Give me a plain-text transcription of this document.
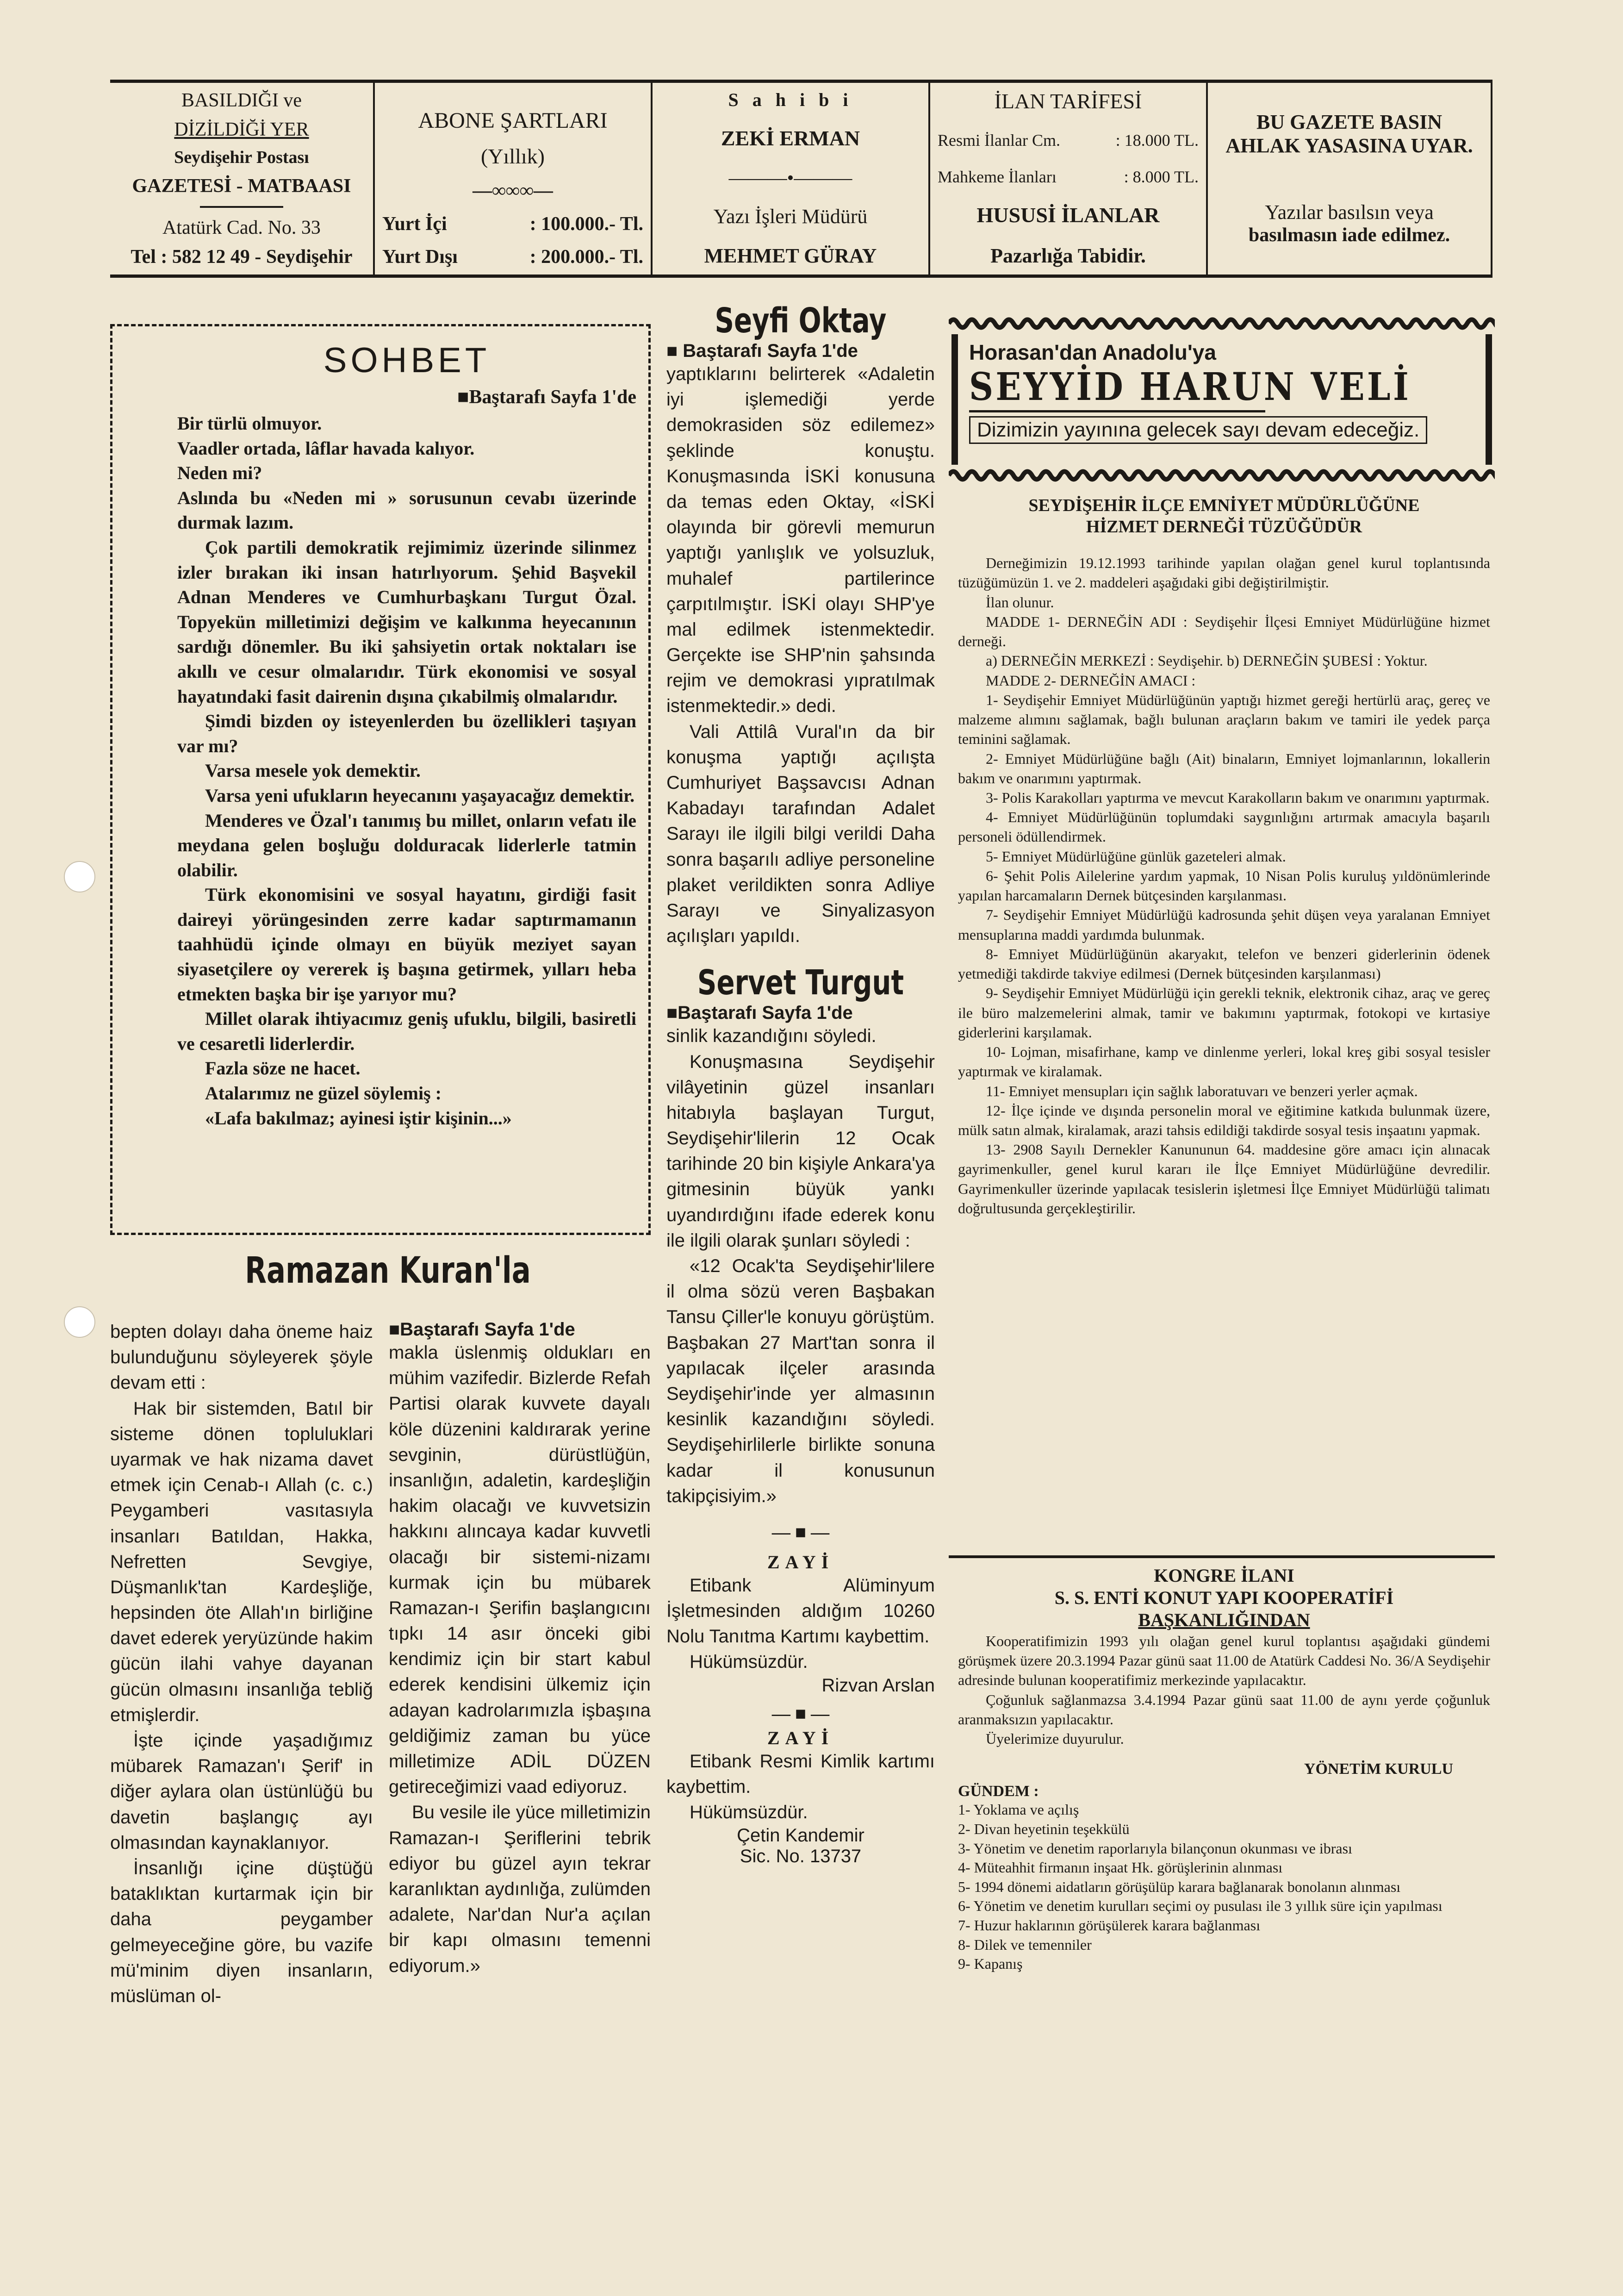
BASILDIĞI ve
DİZİLDİĞİ YER
Seydişehir Postası
GAZETESİ - MATBAASI
Atatürk Cad. No. 33
Tel : 582 12 49 - Seydişehir
ABONE ŞARTLARI
(Yıllık)
—∞∞∞—
Yurt İçi	: 100.000.- Tl.
Yurt Dışı	: 200.000.- Tl.
S a h i b i
ZEKİ ERMAN
———•———
Yazı İşleri Müdürü
MEHMET GÜRAY
İLAN TARİFESİ
Resmi İlanlar Cm.	: 18.000 TL.
Mahkeme İlanları	: 8.000 TL.
HUSUSİ İLANLAR
Pazarlığa Tabidir.
BU GAZETE BASIN
AHLAK YASASINA UYAR.
Yazılar basılsın veya
basılmasın iade edilmez.
SOHBET
■Baştarafı Sayfa 1'de

Bir türlü olmuyor.

Vaadler ortada, lâflar havada kalıyor.

Neden mi?

Aslında bu «Neden mi » sorusunun cevabı üzerinde durmak lazım.

Çok partili demokratik rejimimiz üzerinde silinmez izler bırakan iki insan hatırlıyorum. Şehid Başvekil Adnan Menderes ve Cumhurbaşkanı Turgut Özal. Topyekün milletimizi değişim ve kalkınma heyecanının sardığı dönemler. Bu iki şahsiyetin ortak noktaları ise akıllı ve cesur olmalarıdır. Türk ekonomisi ve sosyal hayatındaki fasit dairenin dışına çıkabilmiş olmalarıdır.

Şimdi bizden oy isteyenlerden bu özellikleri taşıyan var mı?

Varsa mesele yok demektir.

Varsa yeni ufukların heyecanını yaşayacağız demektir.

Menderes ve Özal'ı tanımış bu millet, onların vefatı ile meydana gelen boşluğu dolduracak liderlerle tatmin olabilir.

Türk ekonomisini ve sosyal hayatını, girdiği fasit daireyi yörüngesinden zerre kadar saptırmamanın taahhüdü içinde olmayı en büyük meziyet sayan siyasetçilere oy vererek iş başına getirmek, yılları heba etmekten başka bir işe yarıyor mu?

Millet olarak ihtiyacımız geniş ufuklu, bilgili, basiretli ve cesaretli liderlerdir.

Fazla söze ne hacet.

Atalarımız ne güzel söylemiş :

«Lafa bakılmaz; ayinesi iştir kişinin...»

Seyfi Oktay
■ Baştarafı Sayfa 1'de

yaptıklarını belirterek «Adaletin iyi işlemediği yerde demokrasiden söz edilemez» şeklinde konuştu. Konuşmasında İSKİ konusuna da temas eden Oktay, «İSKİ olayında bir görevli memurun yaptığı yanlışlık ve yolsuzluk, muhalef partilerince çarpıtılmıştır. İSKİ olayı SHP'ye mal edilmek istenmektedir. Gerçekte ise SHP'nin şahsında rejim ve demokrasi yıpratılmak istenmektedir.» dedi.

Vali Attilâ Vural'ın da bir konuşma yaptığı açılışta Cumhuriyet Başsavcısı Adnan Kabadayı tarafından Adalet Sarayı ile ilgili bilgi verildi Daha sonra başarılı adliye personeline plaket verildikten sonra Adliye Sarayı ve Sinyalizasyon açılışları yapıldı.

Servet Turgut
■Baştarafı Sayfa 1'de

sinlik kazandığını söyledi.

Konuşmasına Seydişehir vilâyetinin güzel insanları hitabıyla başlayan Turgut, Seydişehir'lilerin 12 Ocak tarihinde 20 bin kişiyle Ankara'ya gitmesinin büyük yankı uyandırdığını ifade ederek konu ile ilgili olarak şunları söyledi :

«12 Ocak'ta Seydişehir'lilere il olma sözü veren Başbakan Tansu Çiller'le konuyu görüştüm. Başbakan 27 Mart'tan sonra il yapılacak ilçeler arasında Seydişehir'inde yer almasının kesinlik kazandığını söyledi. Seydişehirlilerle birlikte sonuna kadar il konusunun takipçisiyim.»

— ■ —
ZAYİ

Etibank Alüminyum İşletmesinden aldığım 10260 Nolu Tanıtma Kartımı kaybettim.

Hükümsüzdür.

Rizvan Arslan
— ■ —
ZAYİ

Etibank Resmi Kimlik kartımı kaybettim.

Hükümsüzdür.

Çetin Kandemir
Sic. No. 13737
Horasan'dan Anadolu'ya
SEYYİD HARUN VELİ
Dizimizin yayınına gelecek sayı devam edeceğiz.
SEYDİŞEHİR İLÇE EMNİYET MÜDÜRLÜĞÜNE
HİZMET DERNEĞİ TÜZÜĞÜDÜR

Derneğimizin 19.12.1993 tarihinde yapılan olağan genel kurul toplantısında tüzüğümüzün 1. ve 2. maddeleri aşağıdaki gibi değiştirilmiştir.

İlan olunur.

MADDE 1- DERNEĞİN ADI : Seydişehir İlçesi Emniyet Müdürlüğüne hizmet derneği.

a) DERNEĞİN MERKEZİ : Seydişehir. b) DERNEĞİN ŞUBESİ : Yoktur.

MADDE 2- DERNEĞİN AMACI :

1- Seydişehir Emniyet Müdürlüğünün yaptığı hizmet gereği hertürlü araç, gereç ve malzeme alımını sağlamak, bağlı bulunan araçların bakım ve tamiri ile yedek parça teminini sağlamak.

2- Emniyet Müdürlüğüne bağlı (Ait) binaların, Emniyet lojmanlarının, lokallerin bakım ve onarımını yaptırmak.

3- Polis Karakolları yaptırma ve mevcut Karakolların bakım ve onarımını yaptırmak.

4- Emniyet Müdürlüğünün toplumdaki saygınlığını artırmak amacıyla başarılı personeli ödüllendirmek.

5- Emniyet Müdürlüğüne günlük gazeteleri almak.

6- Şehit Polis Ailelerine yardım yapmak, 10 Nisan Polis kuruluş yıldönümlerinde yapılan harcamaların Dernek bütçesinden karşılanması.

7- Seydişehir Emniyet Müdürlüğü kadrosunda şehit düşen veya yaralanan Emniyet mensuplarına maddi yardımda bulunmak.

8- Emniyet Müdürlüğünün akaryakıt, telefon ve benzeri giderlerinin ödenek yetmediği takdirde takviye edilmesi (Dernek bütçesinden karşılanması)

9- Seydişehir Emniyet Müdürlüğü için gerekli teknik, elektronik cihaz, araç ve gereç ile büro malzemelerini almak, tamir ve bakımını yaptırmak, fotokopi ve kırtasiye giderlerini karşılamak.

10- Lojman, misafirhane, kamp ve dinlenme yerleri, lokal kreş gibi sosyal tesisler yaptırmak ve kiralamak.

11- Emniyet mensupları için sağlık laboratuvarı ve benzeri yerler açmak.

12- İlçe içinde ve dışında personelin moral ve eğitimine katkıda bulunmak üzere, mülk satın almak, kiralamak, arazi tahsis edildiği takdirde sosyal tesis inşaatını yapmak.

13- 2908 Sayılı Dernekler Kanununun 64. maddesine göre amacı için alınacak gayrimenkuller, genel kurul kararı ile İlçe Emniyet Müdürlüğüne devredilir. Gayrimenkuller üzerinde yapılacak tesislerin işletmesi İlçe Emniyet Müdürlüğü talimatı doğrultusunda gerçekleştirilir.

KONGRE İLANI
S. S. ENTİ KONUT YAPI KOOPERATİFİ
BAŞKANLIĞINDAN

Kooperatifimizin 1993 yılı olağan genel kurul toplantısı aşağıdaki gündemi görüşmek üzere 20.3.1994 Pazar günü saat 11.00 de Atatürk Caddesi No. 36/A Seydişehir adresinde bulunan kooperatifimiz merkezinde yapılacaktır.

Çoğunluk sağlanmazsa 3.4.1994 Pazar günü saat 11.00 de aynı yerde çoğunluk aranmaksızın yapılacaktır.

Üyelerimize duyurulur.

YÖNETİM KURULU
GÜNDEM :
1- Yoklama ve açılış
2- Divan heyetinin teşekkülü
3- Yönetim ve denetim raporlarıyla bilançonun okunması ve ibrası
4- Müteahhit firmanın inşaat Hk. görüşlerinin alınması
5- 1994 dönemi aidatların görüşülüp karara bağlanarak bonolanın alınması
6- Yönetim ve denetim kurulları seçimi oy pusulası ile 3 yıllık süre için yapılması
7- Huzur haklarının görüşülerek karara bağlanması
8- Dilek ve temenniler
9- Kapanış
Ramazan Kuran'la

bepten dolayı daha öneme haiz bulunduğunu söyleyerek şöyle devam etti :

Hak bir sistemden, Batıl bir sisteme dönen topluluklari uyarmak ve hak nizama davet etmek için Cenab-ı Allah (c. c.) Peygamberi vasıtasıyla insanları Batıldan, Hakka, Nefretten Sevgiye, Düşmanlık'tan Kardeşliğe, hepsinden öte Allah'ın birliğine davet ederek yeryüzünde hakim gücün ilahi vahye dayanan gücün olmasını insanlığa tebliğ etmişlerdir.

İşte içinde yaşadığımız mübarek Ramazan'ı Şerif' in diğer aylara olan üstünlüğü bu davetin başlangıç ayı olmasından kaynaklanıyor.

İnsanlığı içine düştüğü bataklıktan kurtarmak için bir daha peygamber gelmeyeceğine göre, bu vazife mü'minim diyen insanların, müslüman ol-

■Baştarafı Sayfa 1'de

makla üslenmiş oldukları en mühim vazifedir. Bizlerde Refah Partisi olarak kuvvete dayalı köle düzenini kaldırarak yerine sevginin, dürüstlüğün, insanlığın, adaletin, kardeşliğin hakim olacağı ve kuvvetsizin hakkını alıncaya kadar kuvvetli olacağı bir sistemi-nizamı kurmak için bu mübarek Ramazan-ı Şerifin başlangıcını tıpkı 14 asır önceki gibi kendimiz için bir start kabul ederek kendisini ülkemiz için adayan kadrolarımızla işbaşına geldiğimiz zaman bu yüce milletimize ADİL DÜZEN getireceğimizi vaad ediyoruz.

Bu vesile ile yüce milletimizin Ramazan-ı Şeriflerini tebrik ediyor bu güzel ayın tekrar karanlıktan aydınlığa, zulümden adalete, Nar'dan Nur'a açılan bir kapı olmasını temenni ediyorum.»
